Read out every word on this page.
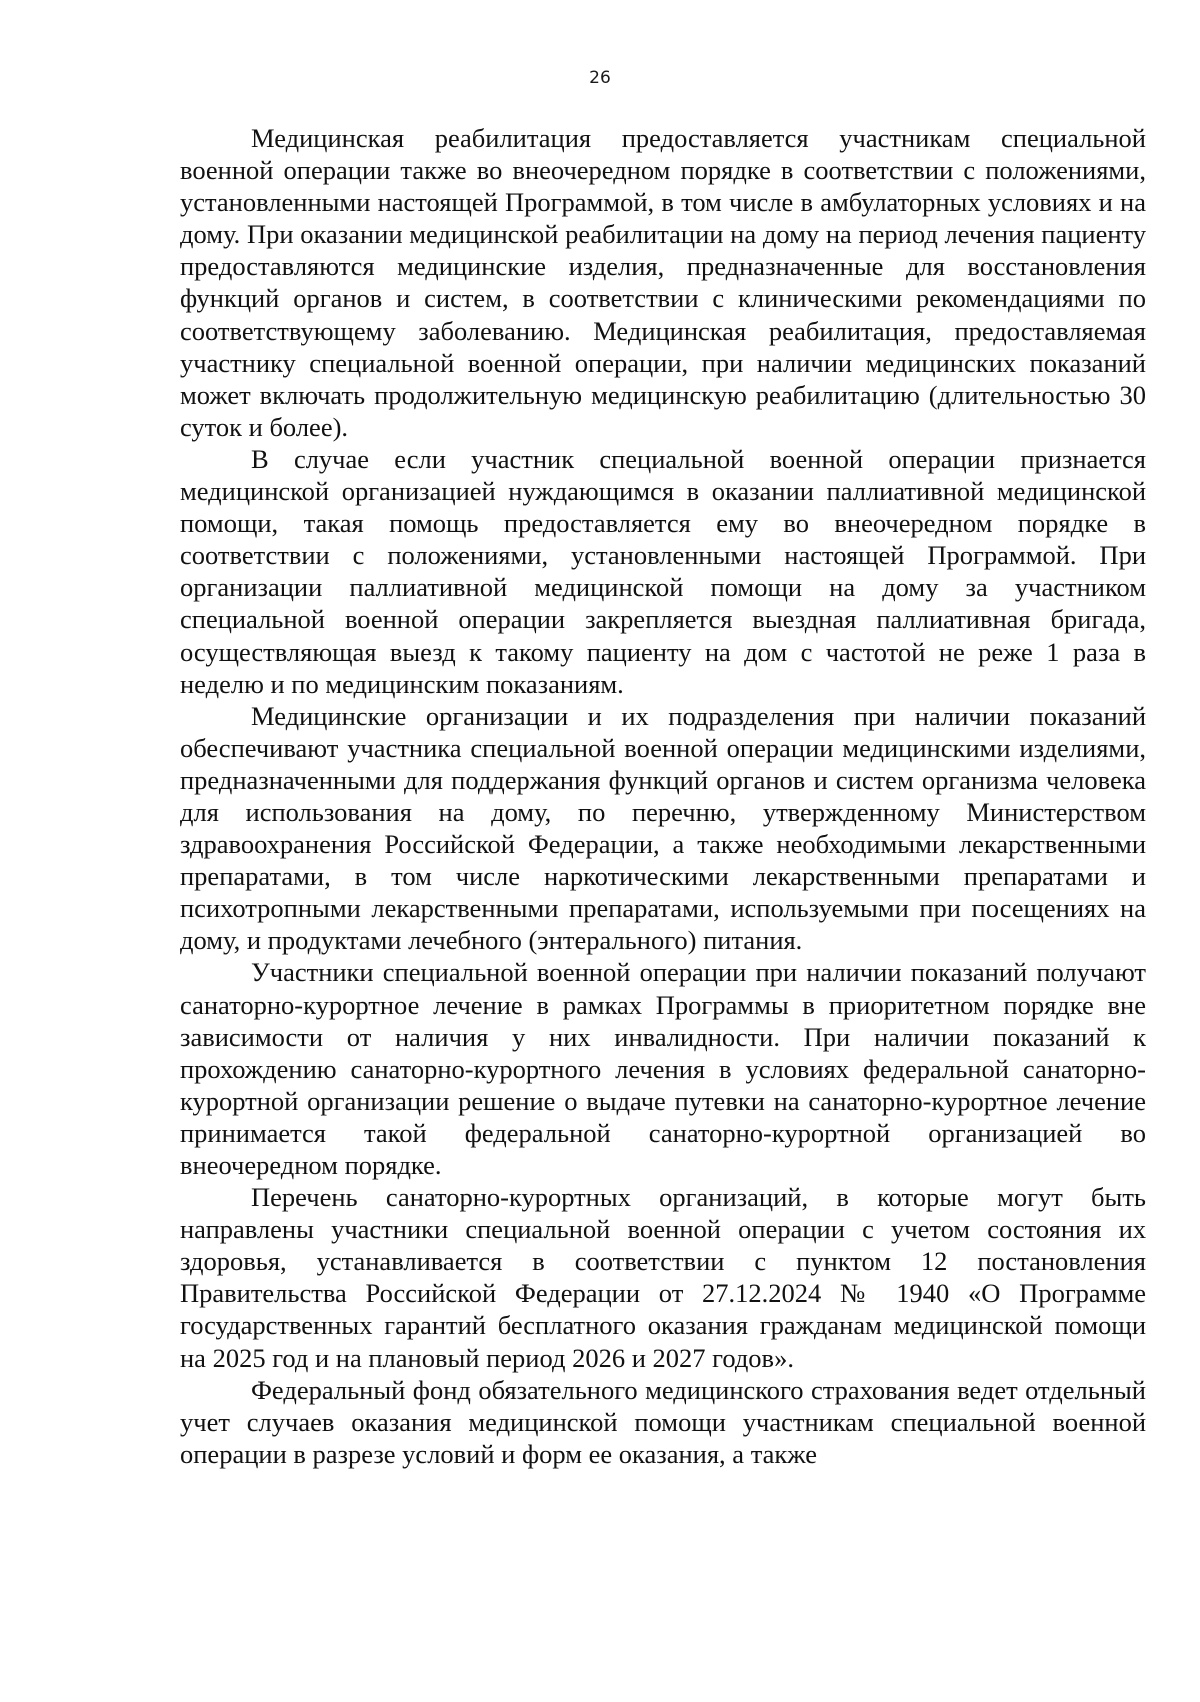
26

Медицинская реабилитация предоставляется участникам специальной военной операции также во внеочередном порядке в соответствии с положениями, установленными настоящей Программой, в том числе в амбулаторных условиях и на дому. При оказании медицинской реабилитации на дому на период лечения пациенту предоставляются медицинские изделия, предназначенные для восстановления функций органов и систем, в соответствии с клиническими рекомендациями по соответствующему заболеванию. Медицинская реабилитация, предоставляемая участнику специальной военной операции, при наличии медицинских показаний может включать продолжительную медицинскую реабилитацию (длительностью 30 суток и более).

В случае если участник специальной военной операции признается медицинской организацией нуждающимся в оказании паллиативной медицинской помощи, такая помощь предоставляется ему во внеочередном порядке в соответствии с положениями, установленными настоящей Программой. При организации паллиативной медицинской помощи на дому за участником специальной военной операции закрепляется выездная паллиативная бригада, осуществляющая выезд к такому пациенту на дом с частотой не реже 1 раза в неделю и по медицинским показаниям.

Медицинские организации и их подразделения при наличии показаний обеспечивают участника специальной военной операции медицинскими изделиями, предназначенными для поддержания функций органов и систем организма человека для использования на дому, по перечню, утвержденному Министерством здравоохранения Российской Федерации, а также необходимыми лекарственными препаратами, в том числе наркотическими лекарственными препаратами и психотропными лекарственными препаратами, используемыми при посещениях на дому, и продуктами лечебного (энтерального) питания.

Участники специальной военной операции при наличии показаний получают санаторно-курортное лечение в рамках Программы в приоритетном порядке вне зависимости от наличия у них инвалидности. При наличии показаний к прохождению санаторно-курортного лечения в условиях федеральной санаторно-курортной организации решение о выдаче путевки на санаторно-курортное лечение принимается такой федеральной санаторно-курортной организацией во внеочередном порядке.

Перечень санаторно-курортных организаций, в которые могут быть направлены участники специальной военной операции с учетом состояния их здоровья, устанавливается в соответствии с пунктом 12 постановления Правительства Российской Федерации от 27.12.2024 № 1940 «О Программе государственных гарантий бесплатного оказания гражданам медицинской помощи на 2025 год и на плановый период 2026 и 2027 годов».

Федеральный фонд обязательного медицинского страхования ведет отдельный учет случаев оказания медицинской помощи участникам специальной военной операции в разрезе условий и форм ее оказания, а также
